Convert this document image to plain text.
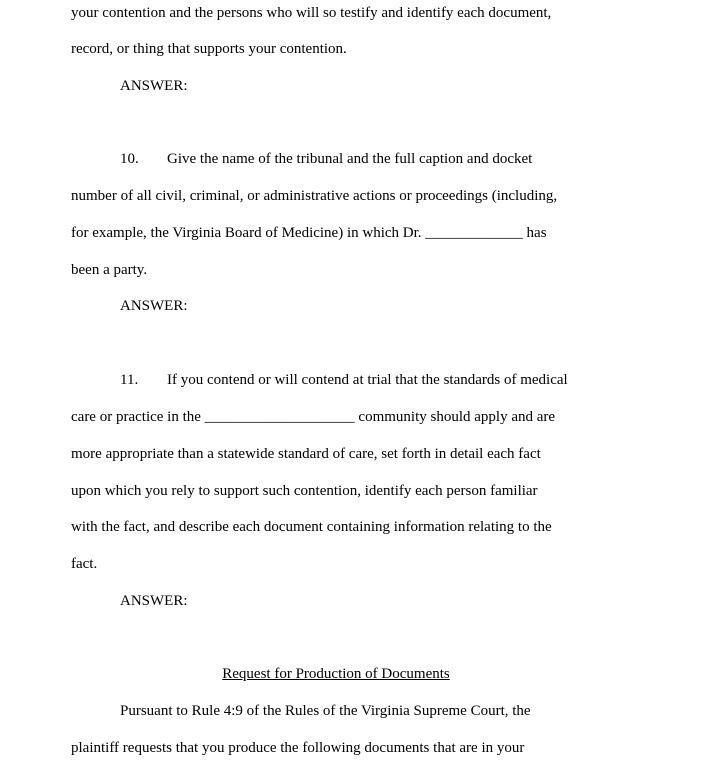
your contention and the persons who will so testify and identify each document,
record, or thing that supports your contention.
ANSWER:
10. Give the name of the tribunal and the full caption and docket
number of all civil, criminal, or administrative actions or proceedings (including,
for example, the Virginia Board of Medicine) in which Dr. _____________ has
been a party.
ANSWER:
11. If you contend or will contend at trial that the standards of medical
care or practice in the ____________________ community should apply and are
more appropriate than a statewide standard of care, set forth in detail each fact
upon which you rely to support such contention, identify each person familiar
with the fact, and describe each document containing information relating to the
fact.
ANSWER:
Request for Production of Documents
Pursuant to Rule 4:9 of the Rules of the Virginia Supreme Court, the
plaintiff requests that you produce the following documents that are in your
